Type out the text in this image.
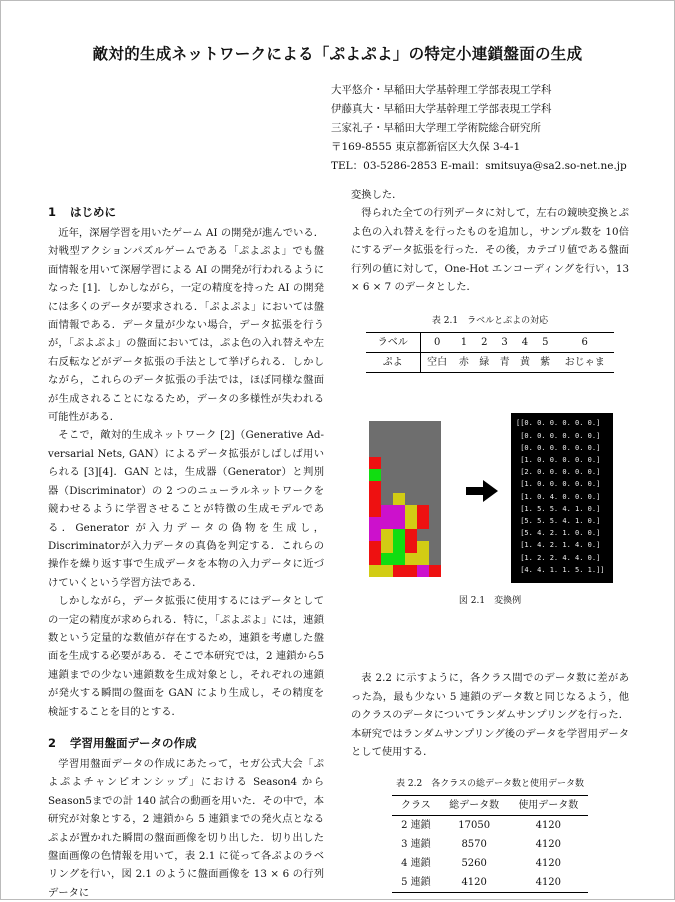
敵対的生成ネットワークによる「ぷよぷよ」の特定小連鎖盤面の生成
大平悠介・早稲田大学基幹理工学部表現工学科
伊藤真大・早稲田大学基幹理工学部表現工学科
三家礼子・早稲田大学理工学術院総合研究所
〒169-8555 東京都新宿区大久保 3-4-1
TEL：03-5286-2853 E-mail：smitsuya@sa2.so-net.ne.jp
1 はじめに

近年，深層学習を用いたゲーム AI の開発が進んでいる．対戦型アクションパズルゲームである「ぷよぷよ」でも盤面情報を用いて深層学習による AI の開発が行われるようになった [1]．しかしながら，一定の精度を持った AI の開発には多くのデータが要求される．「ぷよぷよ」においては盤面情報である．データ量が少ない場合，データ拡張を行うが，「ぷよぷよ」の盤面においては，ぷよ色の入れ替えや左右反転などがデータ拡張の手法として挙げられる．しかしながら，これらのデータ拡張の手法では，ほぼ同様な盤面が生成されることになるため，データの多様性が失われる可能性がある．

そこで，敵対的生成ネットワーク [2]（Generative Ad-versarial Nets, GAN）によるデータ拡張がしばしば用いられる [3][4]．GAN とは，生成器（Generator）と判別器（Discriminator）の 2 つのニューラルネットワークを競わせるように学習させることが特徴の生成モデルである．Generator が入力データの偽物を生成し，Discriminatorが入力データの真偽を判定する．これらの操作を繰り返す事で生成データを本物の入力データに近づけていくという学習方法である．

しかしながら，データ拡張に使用するにはデータとしての一定の精度が求められる．特に，「ぷよぷよ」には，連鎖数という定量的な数値が存在するため，連鎖を考慮した盤面を生成する必要がある．そこで本研究では，2 連鎖から5 連鎖までの少ない連鎖数を生成対象とし，それぞれの連鎖が発火する瞬間の盤面を GAN により生成し，その精度を検証することを目的とする．

2 学習用盤面データの作成

学習用盤面データの作成にあたって，セガ公式大会「ぷよぷよチャンピオンシップ」における Season4 から Season5までの計 140 試合の動画を用いた．その中で，本研究が対象とする，2 連鎖から 5 連鎖までの発火点となるぷよが置かれた瞬間の盤面画像を切り出した．切り出した盤面画像の色情報を用いて，表 2.1 に従って各ぷよのラベリングを行い，図 2.1 のように盤面画像を 13 × 6 の行列データに

変換した．

得られた全ての行列データに対して，左右の鏡映変換とぷよ色の入れ替えを行ったものを追加し，サンプル数を 10倍にするデータ拡張を行った．その後，カテゴリ値である盤面行列の値に対して，One-Hot エンコーディングを行い，13 × 6 × 7 のデータとした．

表 2.1　ラベルとぷよの対応
ラベル	0	1	2	3	4	5	6
ぷよ	空白	赤	緑	青	黄	紫	おじゃま
[[0. 0. 0. 0. 0. 0.]
[0. 0. 0. 0. 0. 0.]
[0. 0. 0. 0. 0. 0.]
[1. 0. 0. 0. 0. 0.]
[2. 0. 0. 0. 0. 0.]
[1. 0. 0. 0. 0. 0.]
[1. 0. 4. 0. 0. 0.]
[1. 5. 5. 4. 1. 0.]
[5. 5. 5. 4. 1. 0.]
[5. 4. 2. 1. 0. 0.]
[1. 4. 2. 1. 4. 0.]
[1. 2. 2. 4. 4. 0.]
[4. 4. 1. 1. 5. 1.]]
図 2.1　変換例

表 2.2 に示すように，各クラス間でのデータ数に差があった為，最も少ない 5 連鎖のデータ数と同じなるよう，他のクラスのデータについてランダムサンプリングを行った．本研究ではランダムサンプリング後のデータを学習用データとして使用する．

表 2.2　各クラスの総データ数と使用データ数
クラス	総データ数	使用データ数
2 連鎖	17050	4120
3 連鎖	8570	4120
4 連鎖	5260	4120
5 連鎖	4120	4120
